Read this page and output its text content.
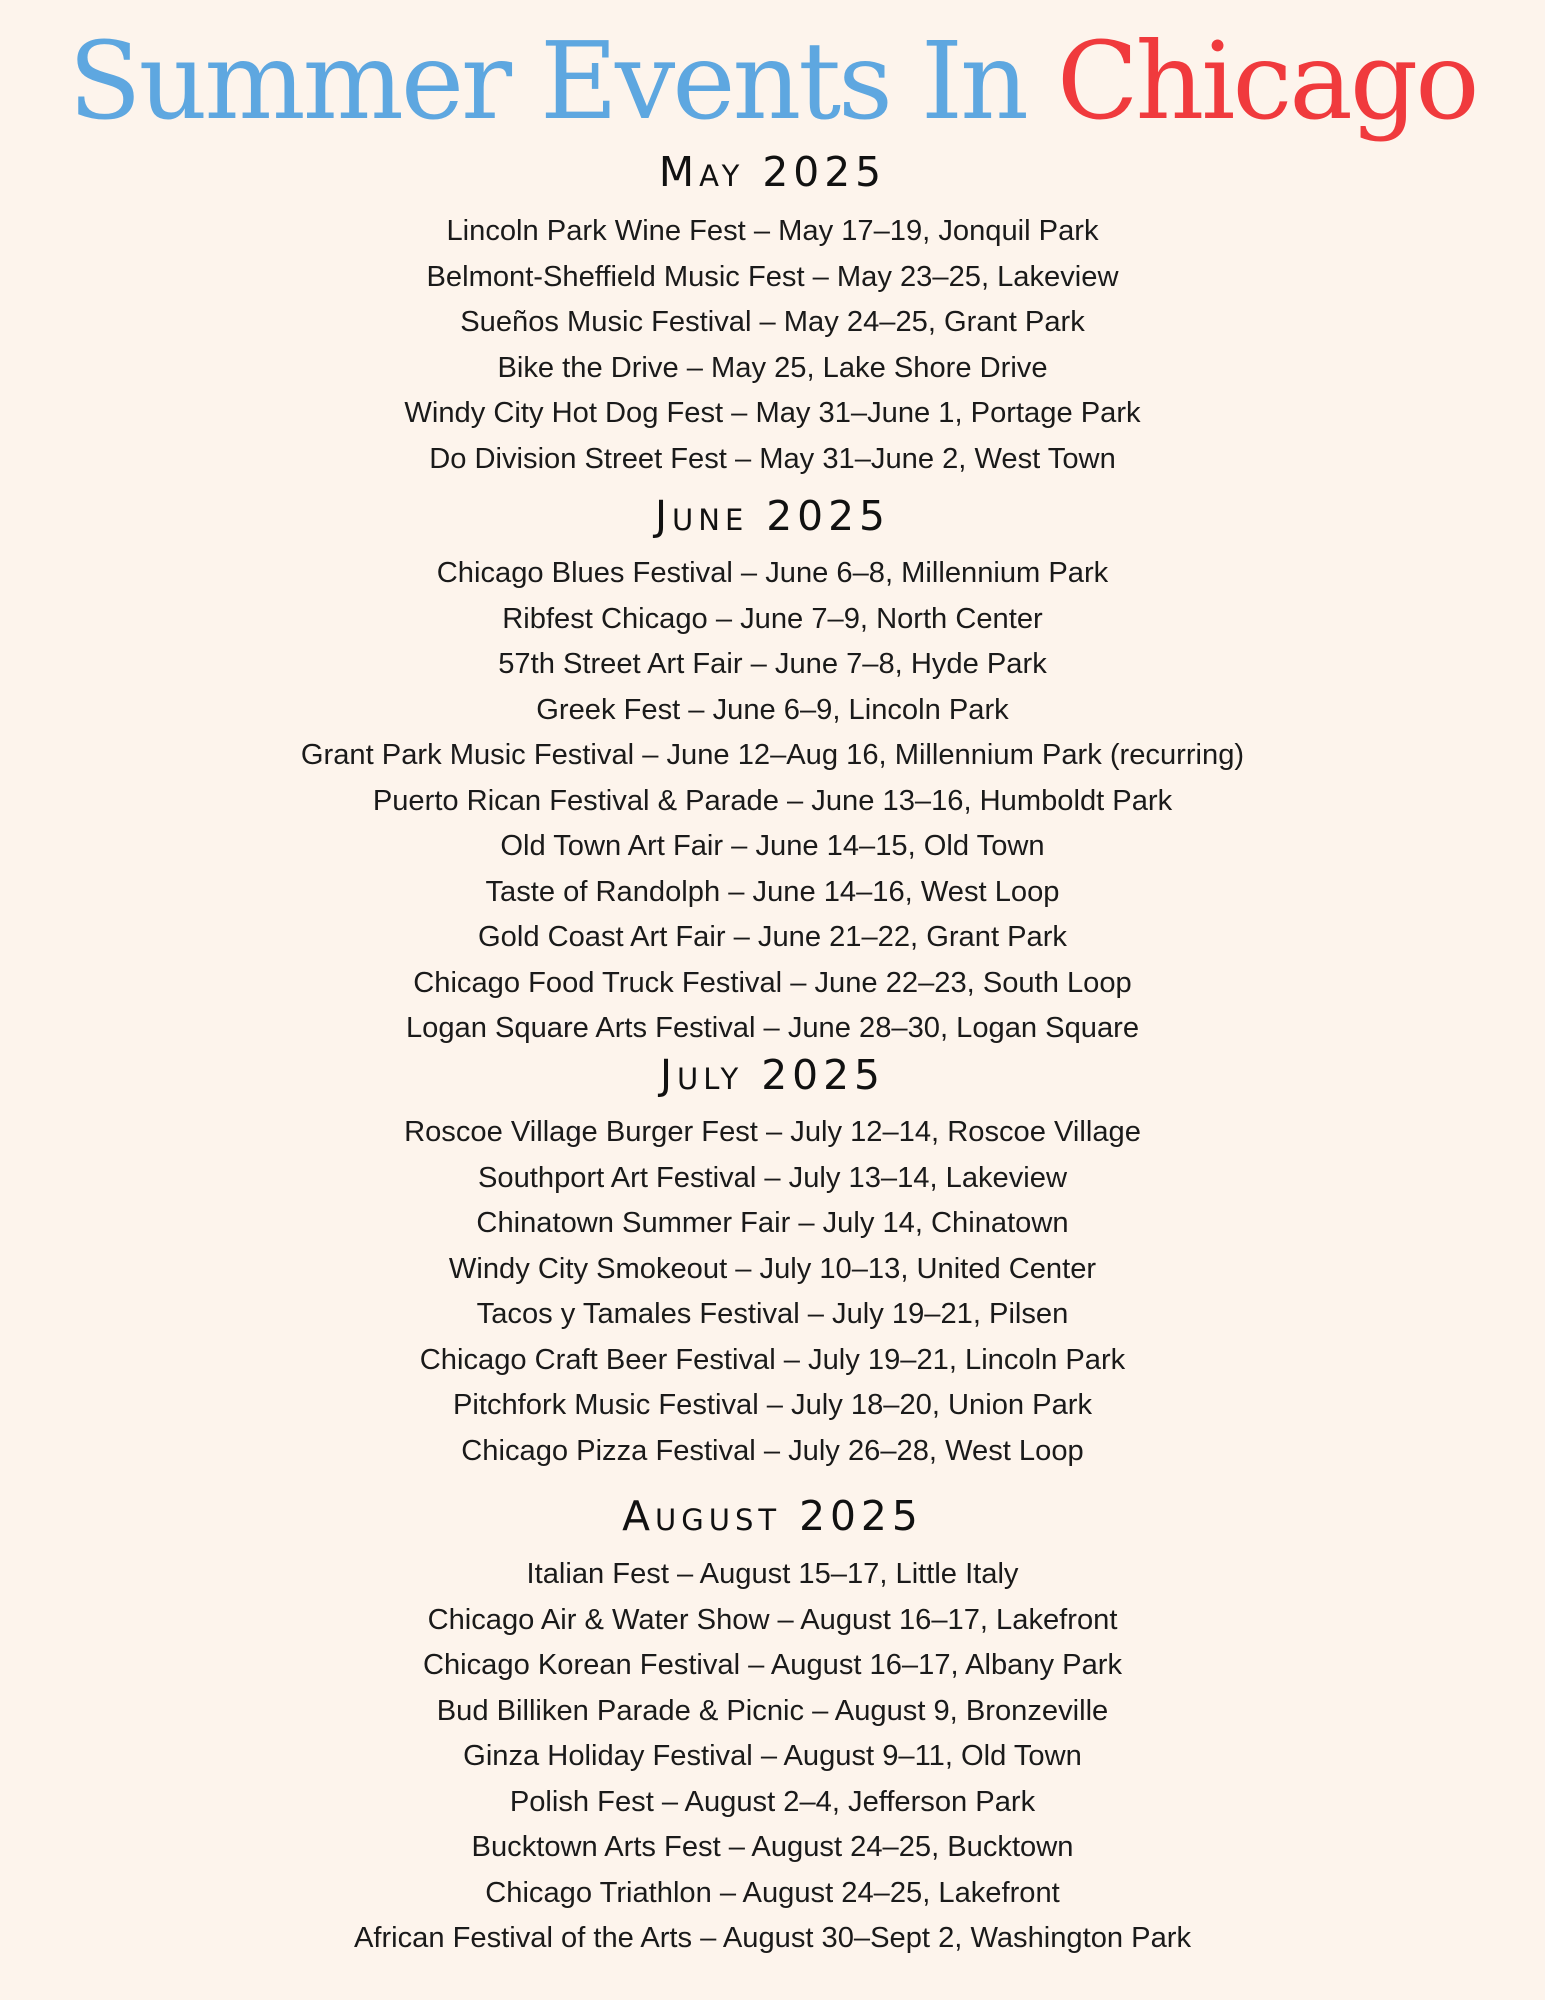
Summer Events In Chicago
May 2025
Lincoln Park Wine Fest – May 17–19, Jonquil Park
Belmont-Sheffield Music Fest – May 23–25, Lakeview
Sueños Music Festival – May 24–25, Grant Park
Bike the Drive – May 25, Lake Shore Drive
Windy City Hot Dog Fest – May 31–June 1, Portage Park
Do Division Street Fest – May 31–June 2, West Town
June 2025
Chicago Blues Festival – June 6–8, Millennium Park
Ribfest Chicago – June 7–9, North Center
57th Street Art Fair – June 7–8, Hyde Park
Greek Fest – June 6–9, Lincoln Park
Grant Park Music Festival – June 12–Aug 16, Millennium Park (recurring)
Puerto Rican Festival & Parade – June 13–16, Humboldt Park
Old Town Art Fair – June 14–15, Old Town
Taste of Randolph – June 14–16, West Loop
Gold Coast Art Fair – June 21–22, Grant Park
Chicago Food Truck Festival – June 22–23, South Loop
Logan Square Arts Festival – June 28–30, Logan Square
July 2025
Roscoe Village Burger Fest – July 12–14, Roscoe Village
Southport Art Festival – July 13–14, Lakeview
Chinatown Summer Fair – July 14, Chinatown
Windy City Smokeout – July 10–13, United Center
Tacos y Tamales Festival – July 19–21, Pilsen
Chicago Craft Beer Festival – July 19–21, Lincoln Park
Pitchfork Music Festival – July 18–20, Union Park
Chicago Pizza Festival – July 26–28, West Loop
August 2025
Italian Fest – August 15–17, Little Italy
Chicago Air & Water Show – August 16–17, Lakefront
Chicago Korean Festival – August 16–17, Albany Park
Bud Billiken Parade & Picnic – August 9, Bronzeville
Ginza Holiday Festival – August 9–11, Old Town
Polish Fest – August 2–4, Jefferson Park
Bucktown Arts Fest – August 24–25, Bucktown
Chicago Triathlon – August 24–25, Lakefront
African Festival of the Arts – August 30–Sept 2, Washington Park
